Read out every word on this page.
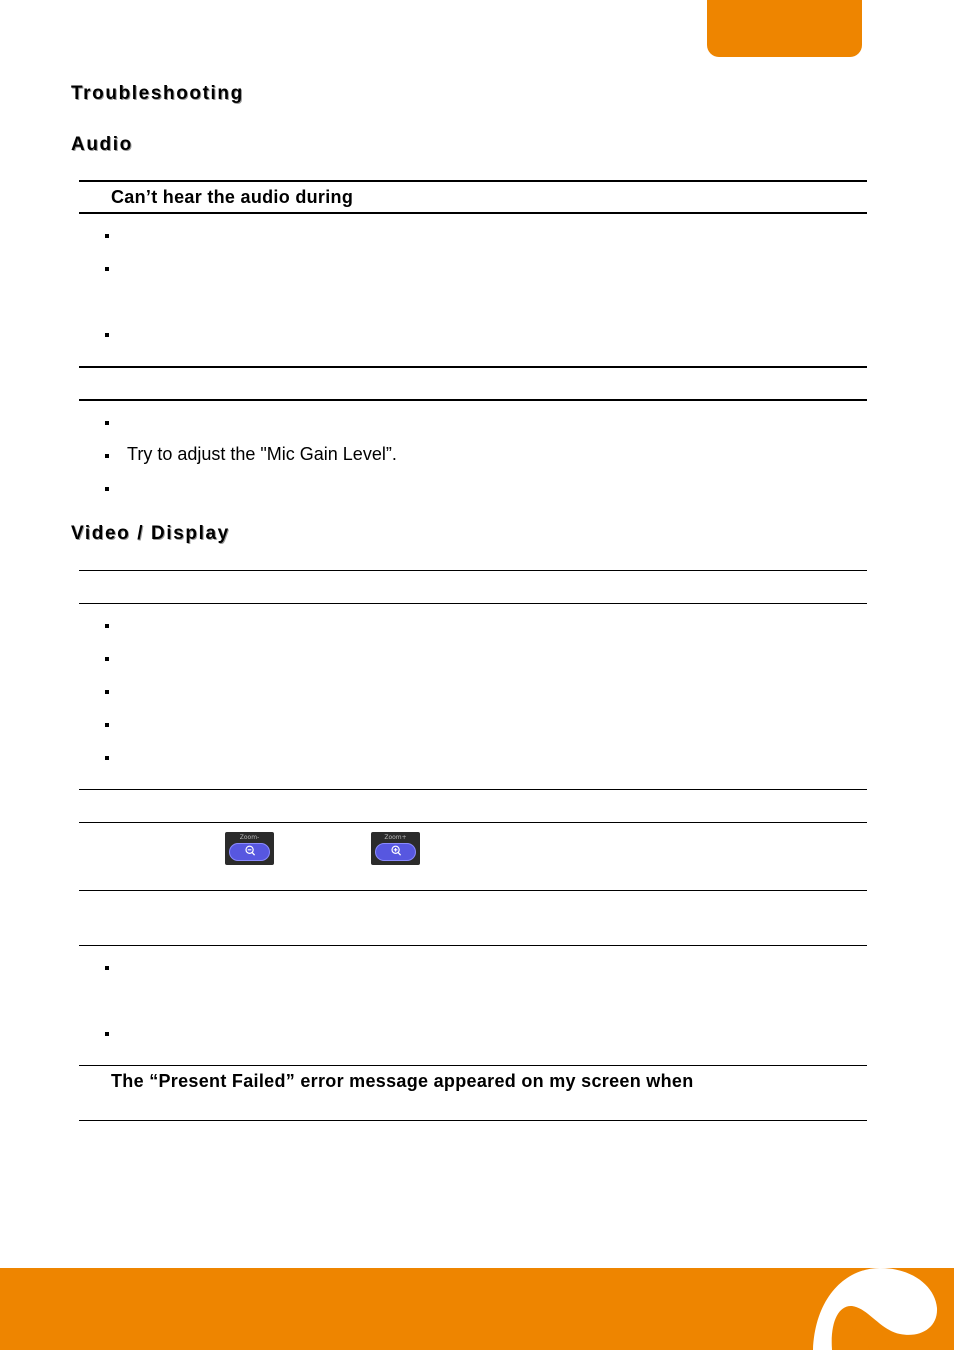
Troubleshooting
Audio
Can’t hear the audio during
Try to adjust the "Mic Gain Level”.
Video / Display
Zoom-	Zoom+
The “Present Failed” error message appeared on my screen when
